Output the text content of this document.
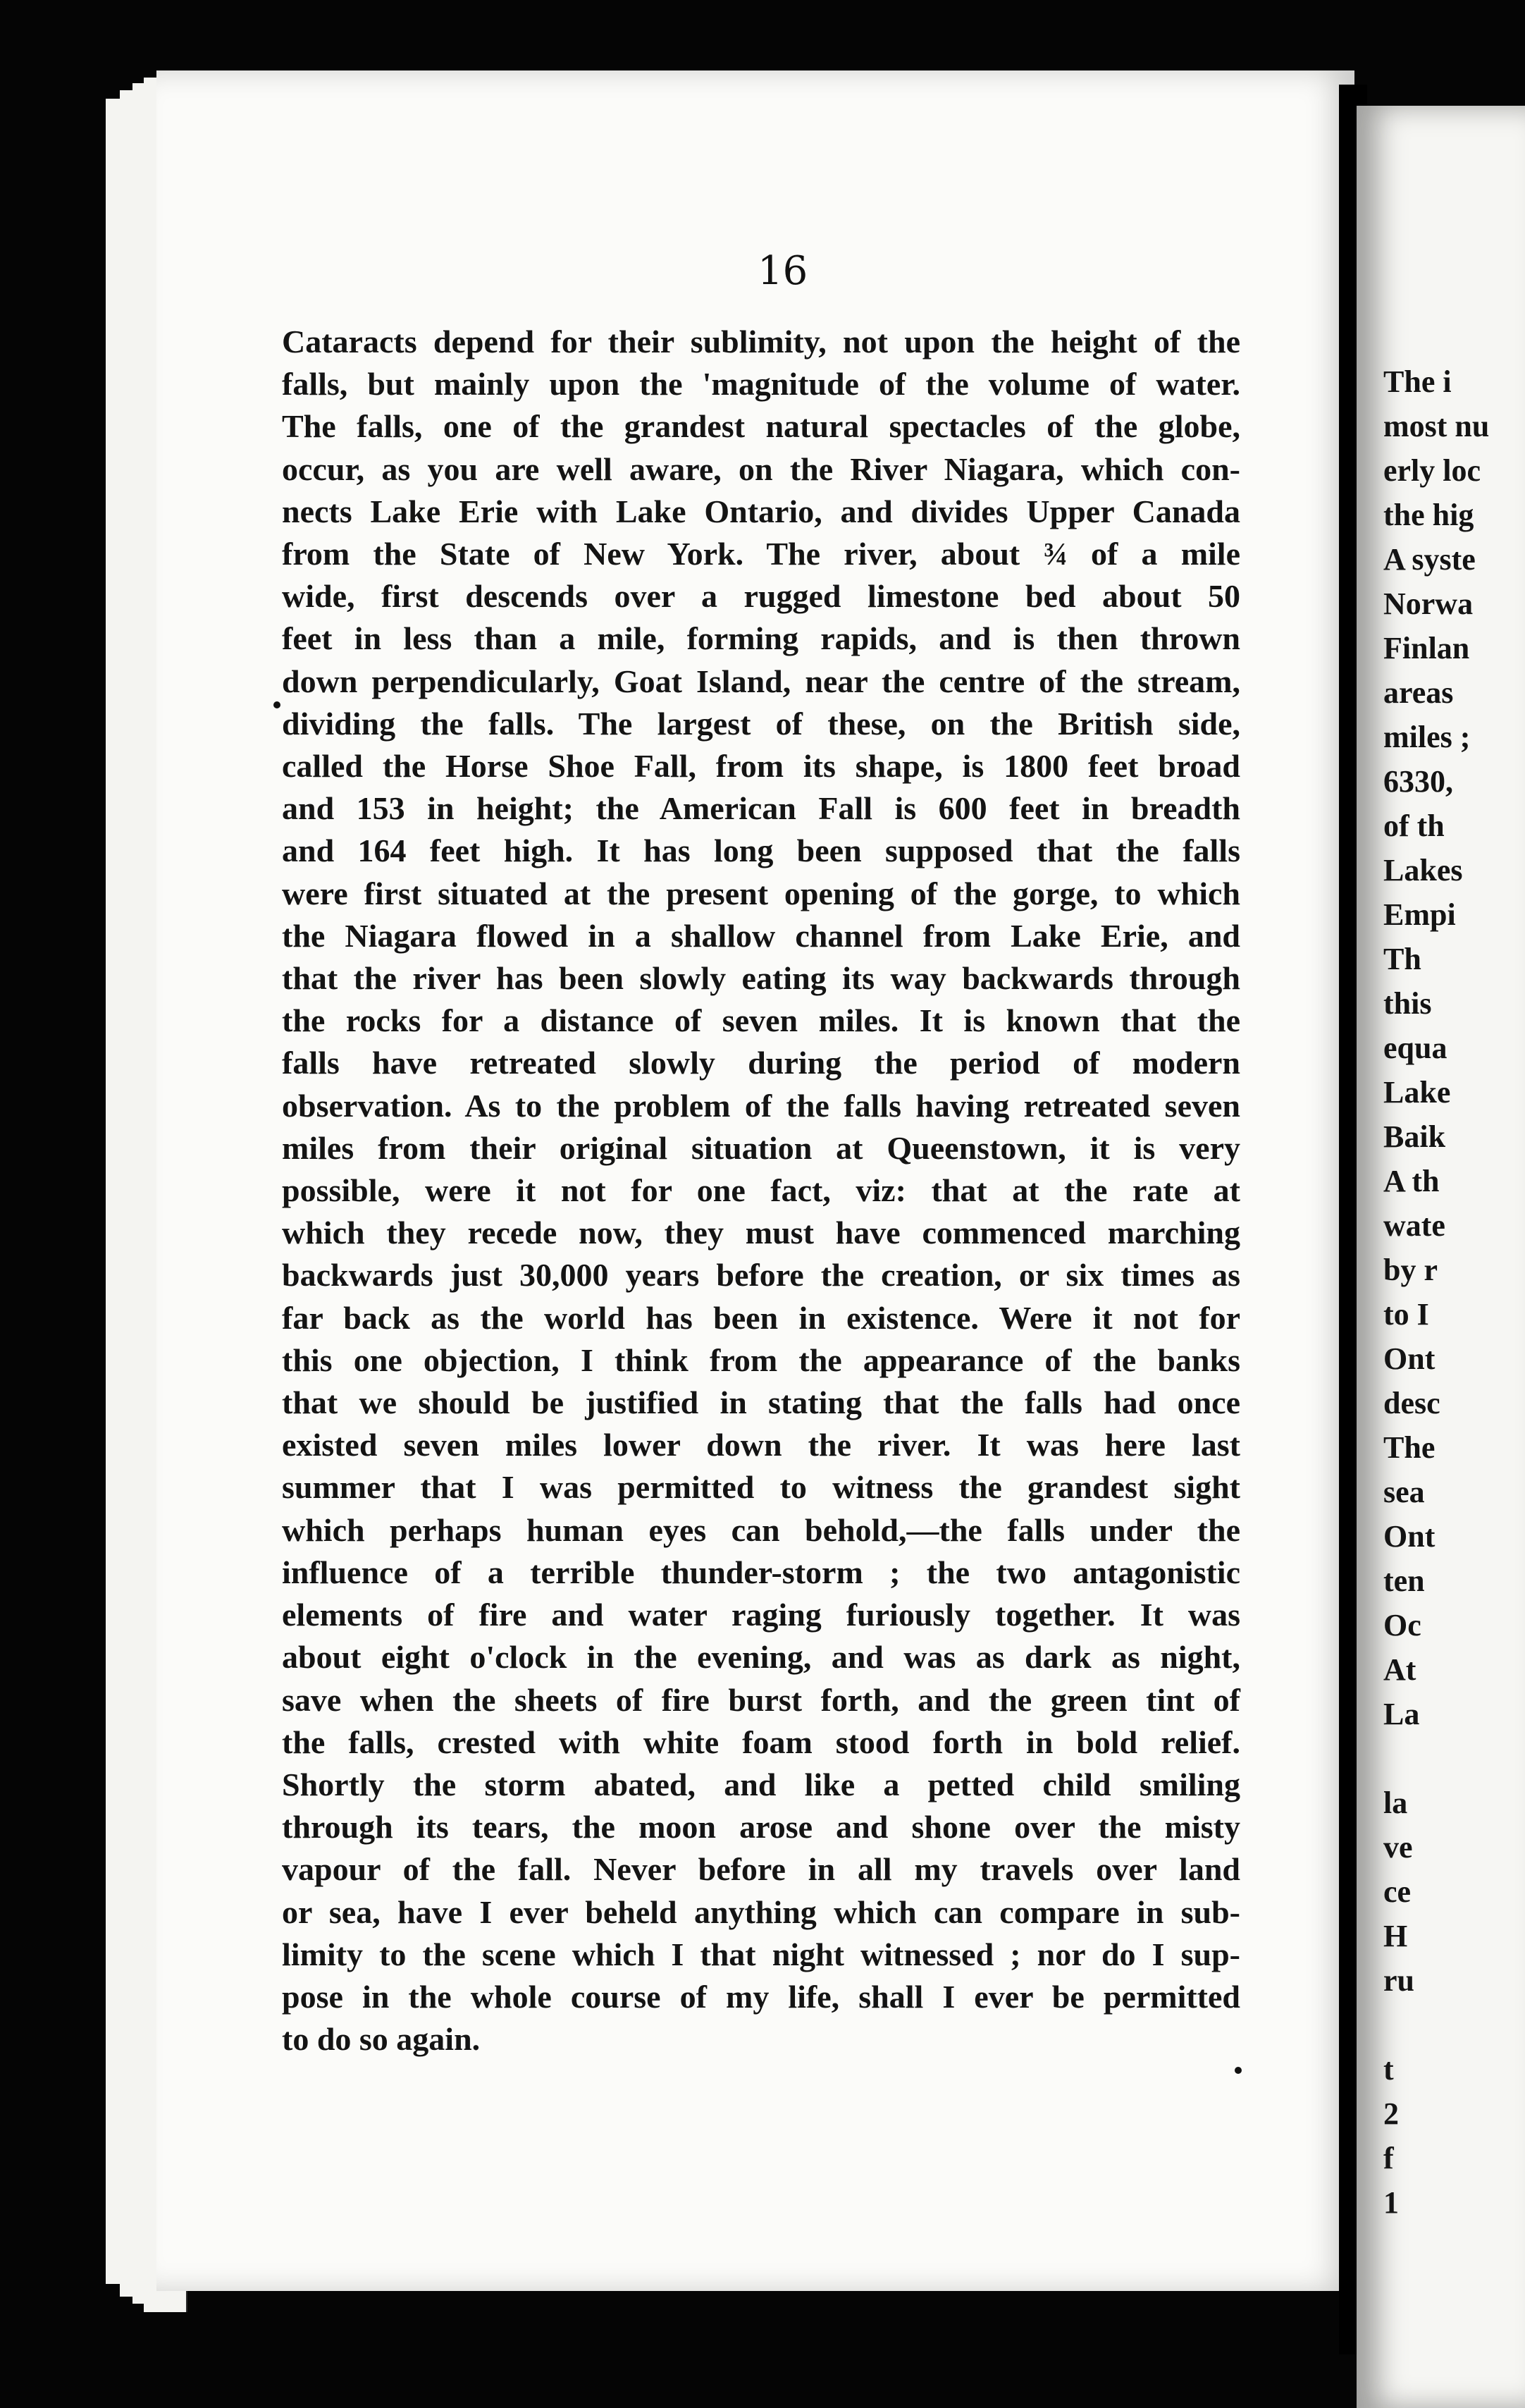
16
Cataracts depend for their sublimity, not upon the height of the
falls, but mainly upon the 'magnitude of the volume of water.
The falls, one of the grandest natural spectacles of the globe,
occur, as you are well aware, on the River Niagara, which con-
nects Lake Erie with Lake Ontario, and divides Upper Canada
from the State of New York. The river, about ¾ of a mile
wide, first descends over a rugged limestone bed about 50
feet in less than a mile, forming rapids, and is then thrown
down perpendicularly, Goat Island, near the centre of the stream,
dividing the falls. The largest of these, on the British side,
called the Horse Shoe Fall, from its shape, is 1800 feet broad
and 153 in height; the American Fall is 600 feet in breadth
and 164 feet high. It has long been supposed that the falls
were first situated at the present opening of the gorge, to which
the Niagara flowed in a shallow channel from Lake Erie, and
that the river has been slowly eating its way backwards through
the rocks for a distance of seven miles. It is known that the
falls have retreated slowly during the period of modern
observation. As to the problem of the falls having retreated seven
miles from their original situation at Queenstown, it is very
possible, were it not for one fact, viz: that at the rate at
which they recede now, they must have commenced marching
backwards just 30,000 years before the creation, or six times as
far back as the world has been in existence. Were it not for
this one objection, I think from the appearance of the banks
that we should be justified in stating that the falls had once
existed seven miles lower down the river. It was here last
summer that I was permitted to witness the grandest sight
which perhaps human eyes can behold,—the falls under the
influence of a terrible thunder-storm ; the two antagonistic
elements of fire and water raging furiously together. It was
about eight o'clock in the evening, and was as dark as night,
save when the sheets of fire burst forth, and the green tint of
the falls, crested with white foam stood forth in bold relief.
Shortly the storm abated, and like a petted child smiling
through its tears, the moon arose and shone over the misty
vapour of the fall. Never before in all my travels over land
or sea, have I ever beheld anything which can compare in sub-
limity to the scene which I that night witnessed ; nor do I sup-
pose in the whole course of my life, shall I ever be permitted
to do so again.
The i
most nu
erly loc
the hig
A syste
Norwa
Finlan
areas
miles ;
6330,
of th
Lakes
Empi
Th
this
equa
Lake
Baik
A th
wate
by r
to I
Ont
desc
The
sea
Ont
ten
Oc
At
La

la
ve
ce
H
ru

t
2
f
1
